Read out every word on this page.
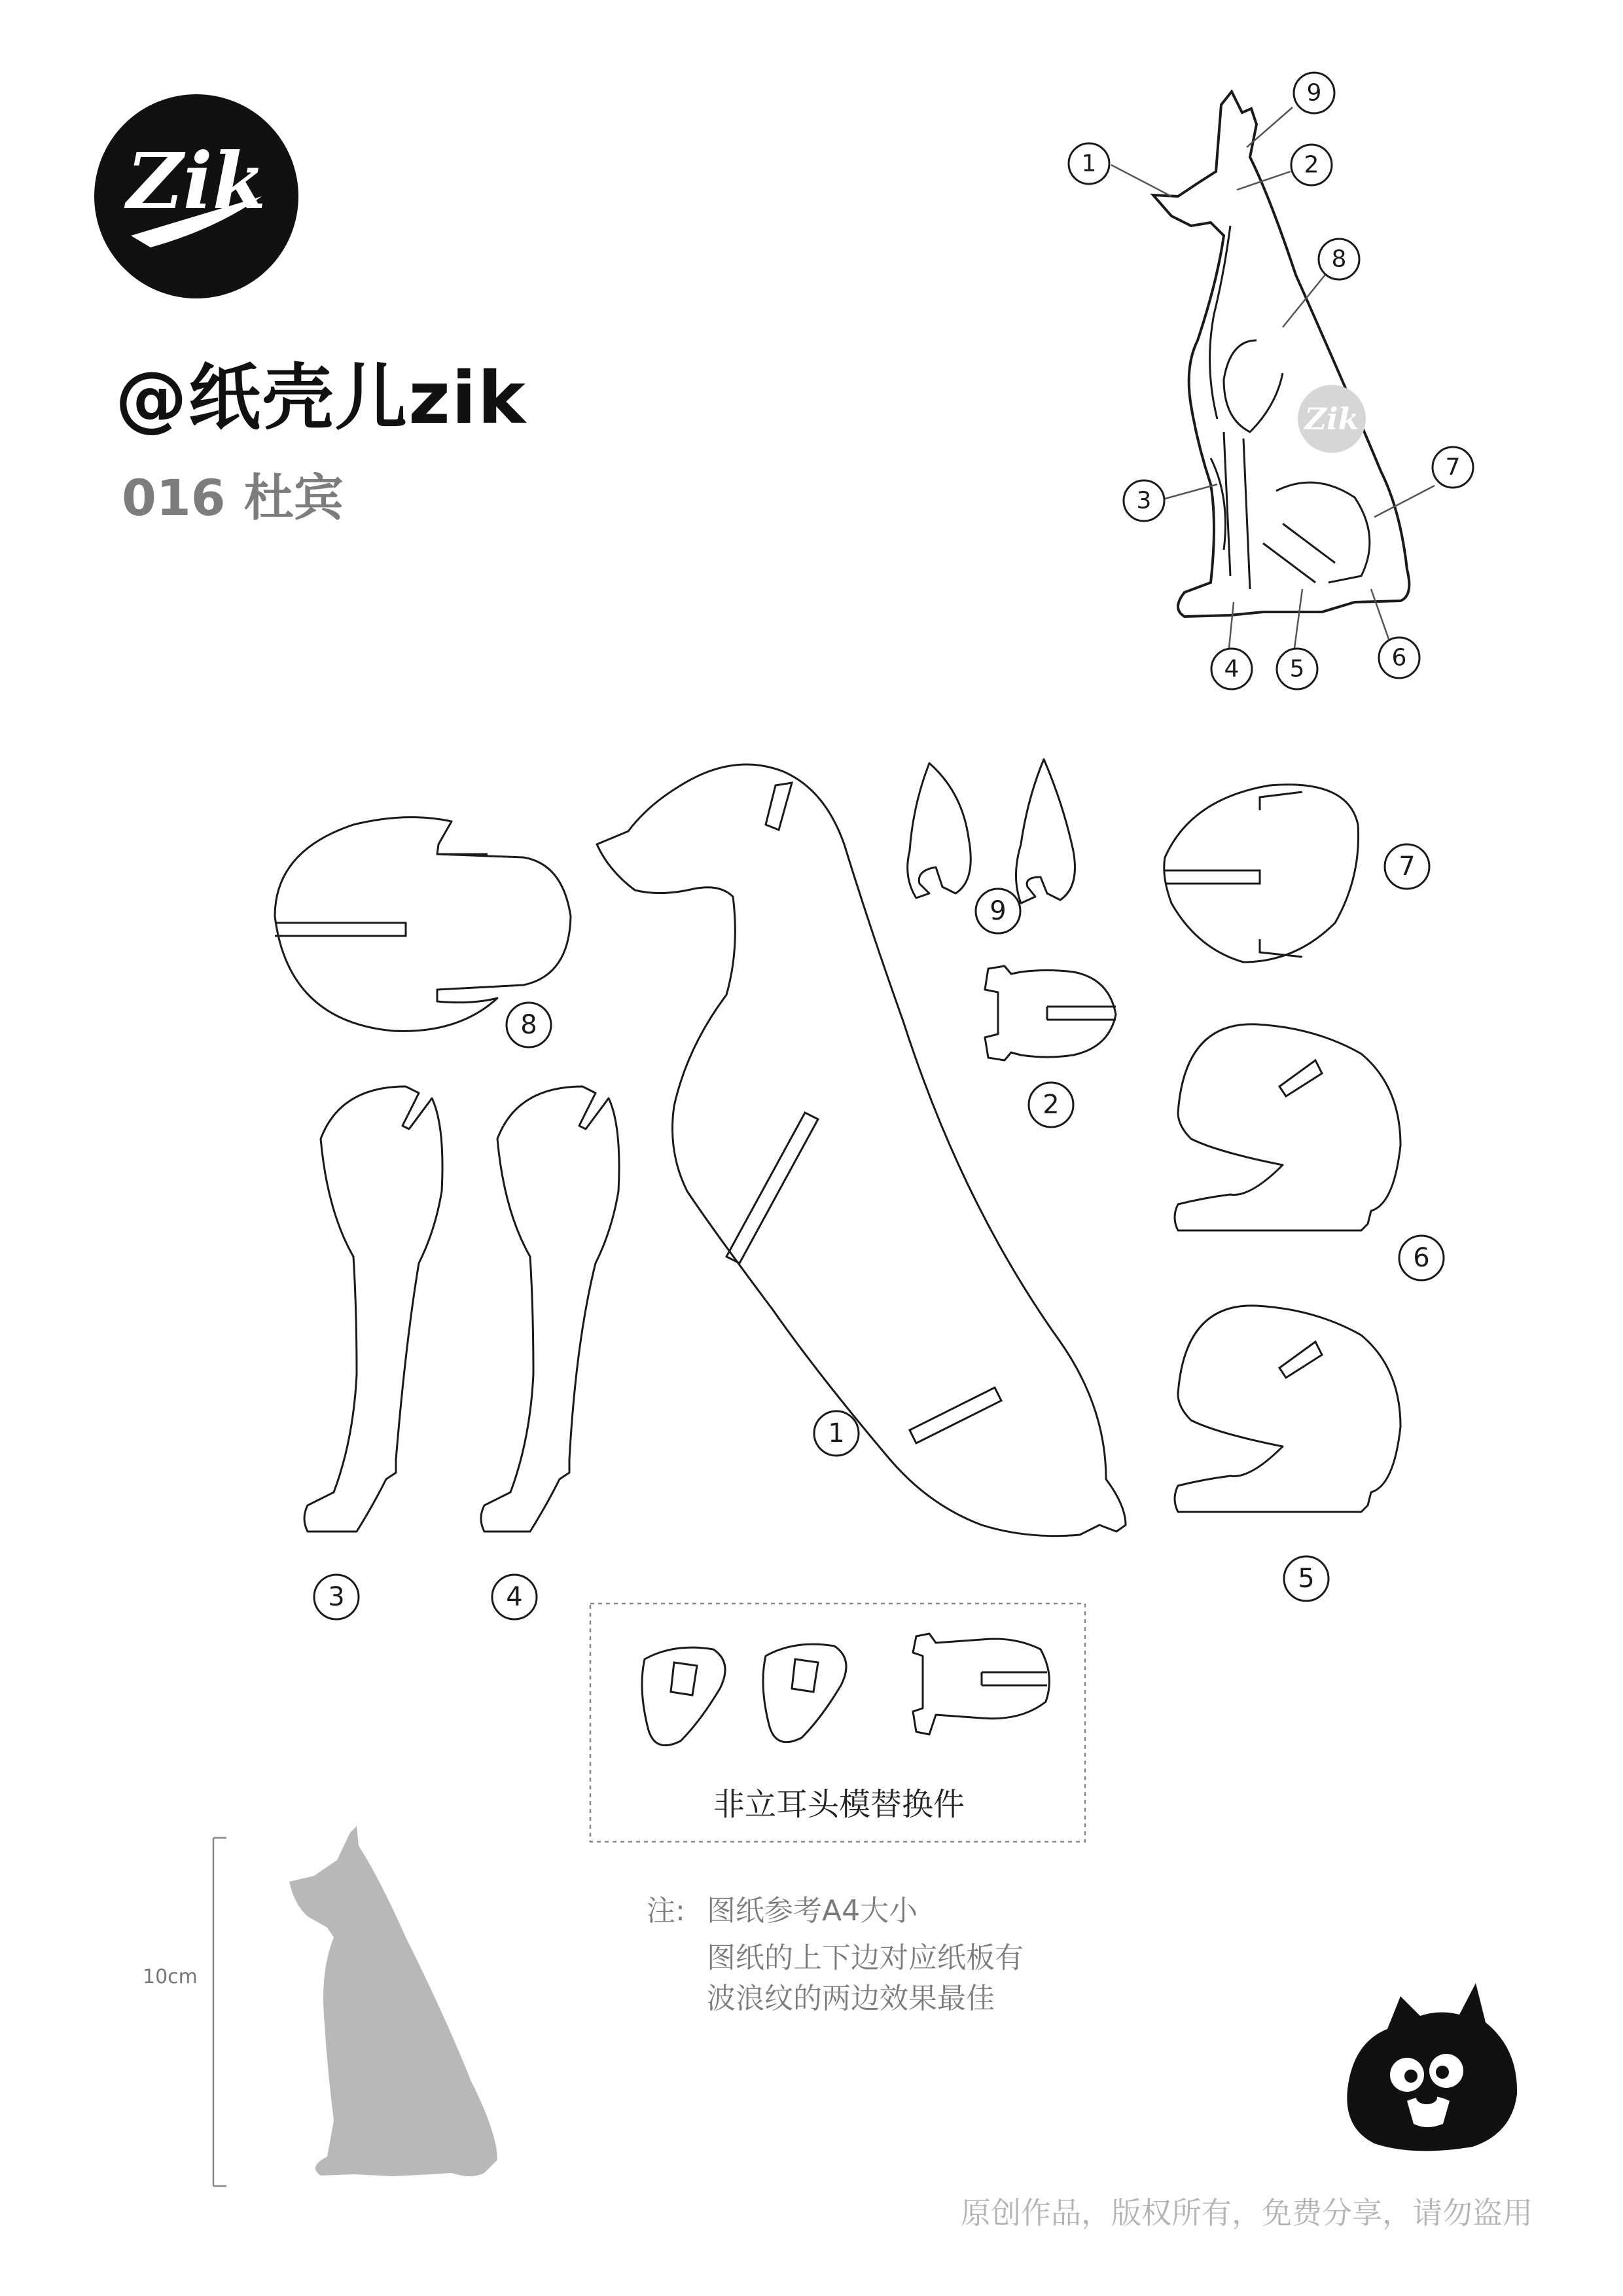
Zik
Zik
1
9
2
8
3
7
4 5	6
8
1
9
2
7
3	4
6
5
@纸壳儿zik
016 杜宾
非立耳头模替换件
注: 图纸参考A4大小
图纸的上下边对应纸板有
波浪纹的两边效果最佳
10cm
原创作品，版权所有，免费分享，请勿盗用
